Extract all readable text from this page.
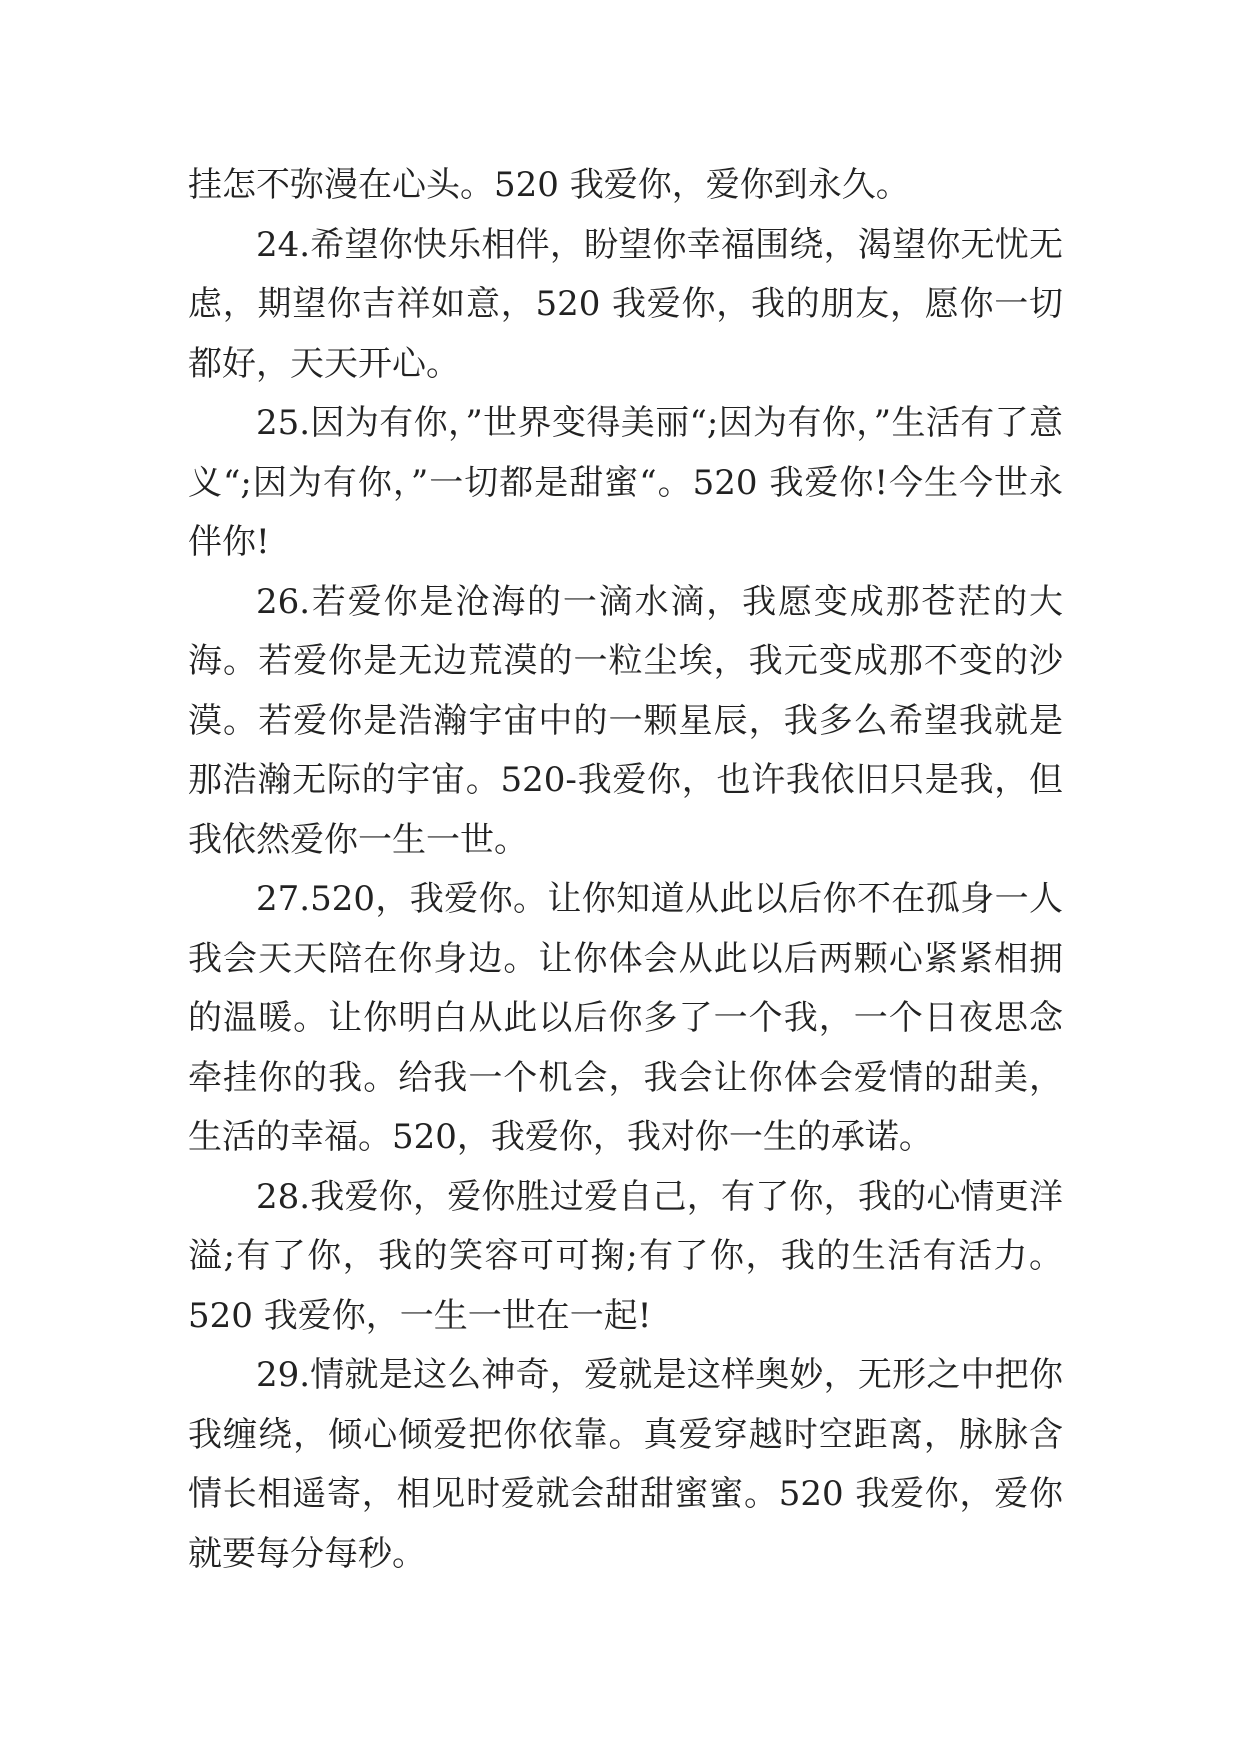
挂怎不弥漫在心头。520 我爱你，爱你到永久。

24.希望你快乐相伴，盼望你幸福围绕，渴望你无忧无虑，期望你吉祥如意，520 我爱你，我的朋友，愿你一切都好，天天开心。

25.因为有你，”世界变得美丽“;因为有你，”生活有了意义“;因为有你，”一切都是甜蜜“。520 我爱你!今生今世永伴你!

26.若爱你是沧海的一滴水滴，我愿变成那苍茫的大海。若爱你是无边荒漠的一粒尘埃，我元变成那不变的沙漠。若爱你是浩瀚宇宙中的一颗星辰，我多么希望我就是那浩瀚无际的宇宙。520-我爱你，也许我依旧只是我，但我依然爱你一生一世。

27.520，我爱你。让你知道从此以后你不在孤身一人我会天天陪在你身边。让你体会从此以后两颗心紧紧相拥的温暖。让你明白从此以后你多了一个我，一个日夜思念牵挂你的我。给我一个机会，我会让你体会爱情的甜美，生活的幸福。520，我爱你，我对你一生的承诺。

28.我爱你，爱你胜过爱自己，有了你，我的心情更洋溢;有了你，我的笑容可可掬;有了你，我的生活有活力。520 我爱你，一生一世在一起!

29.情就是这么神奇，爱就是这样奥妙，无形之中把你我缠绕，倾心倾爱把你依靠。真爱穿越时空距离，脉脉含情长相遥寄，相见时爱就会甜甜蜜蜜。520 我爱你，爱你就要每分每秒。
